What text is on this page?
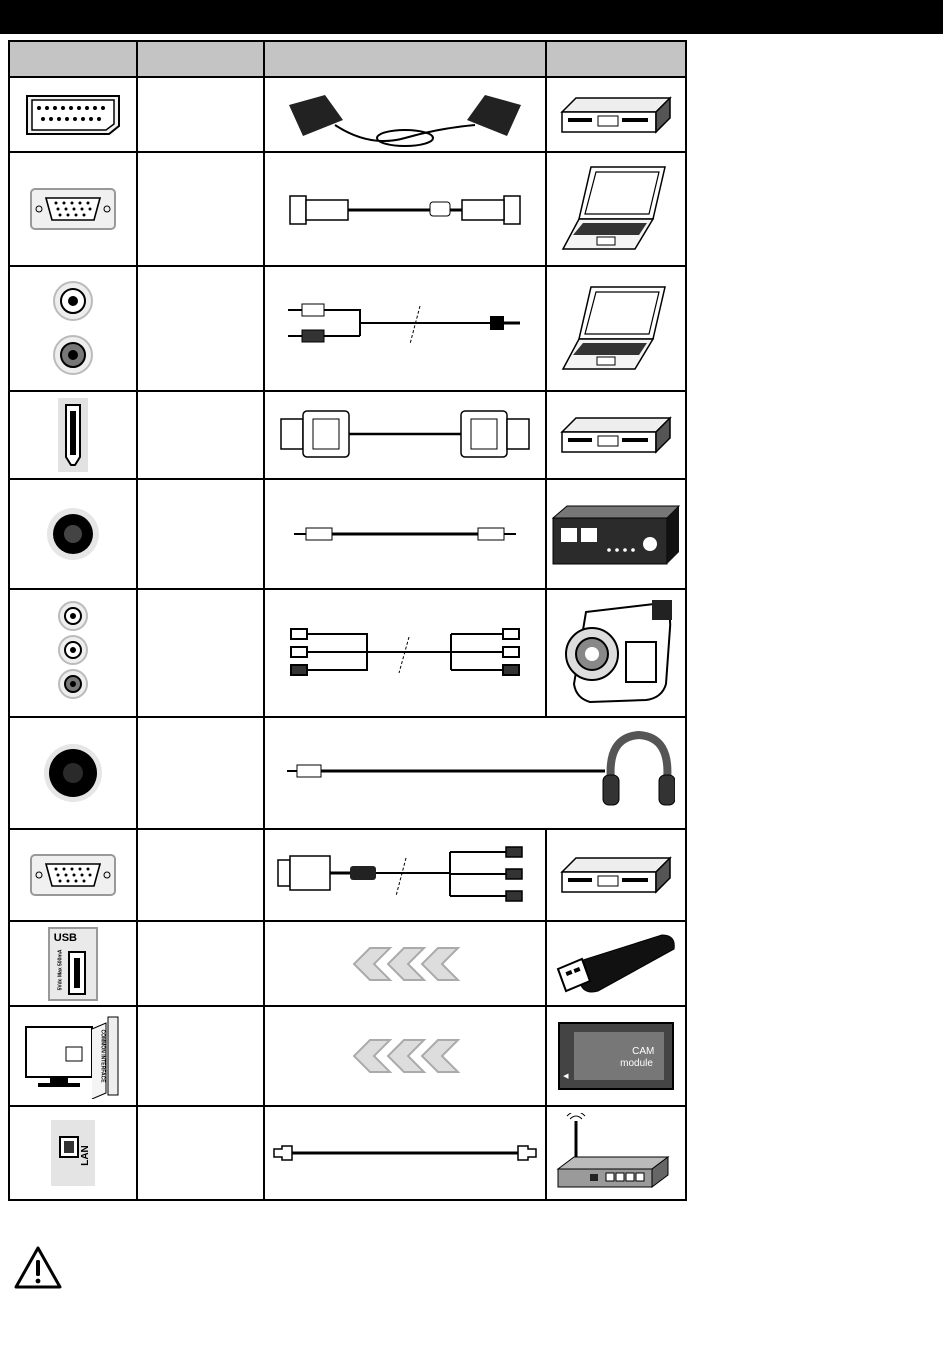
USB
5Vdc Max 500mA

COMMON INTERFACE			CAM
module
◀

LAN
